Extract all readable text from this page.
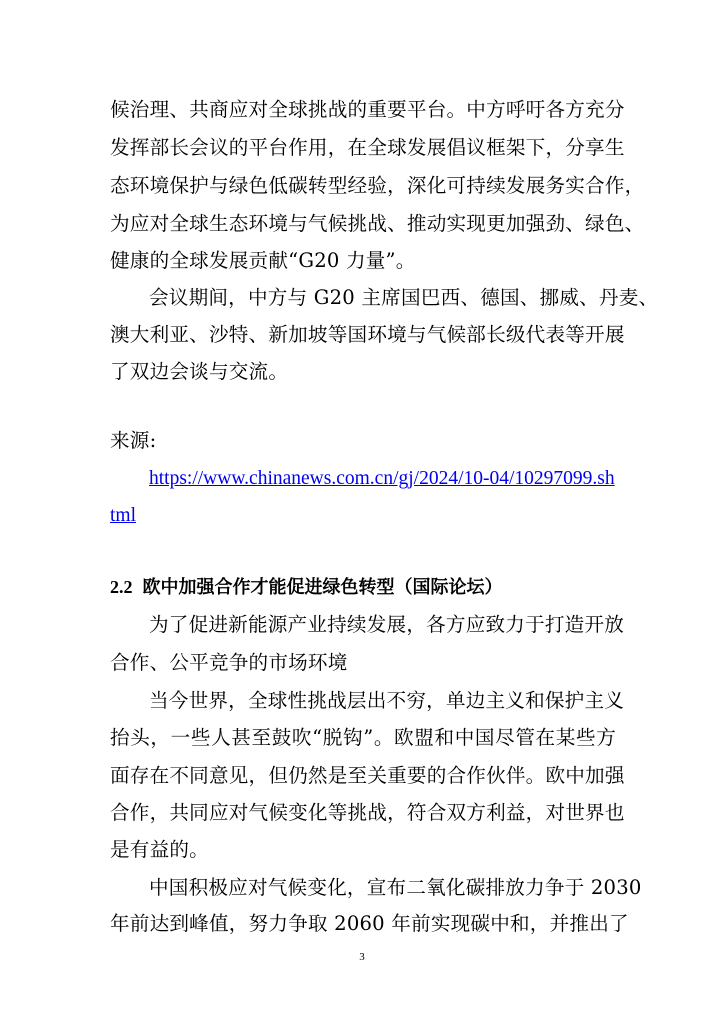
候治理、共商应对全球挑战的重要平台。中方呼吁各方充分
发挥部长会议的平台作用，在全球发展倡议框架下，分享生
态环境保护与绿色低碳转型经验，深化可持续发展务实合作，
为应对全球生态环境与气候挑战、推动实现更加强劲、绿色、
健康的全球发展贡献“G20 力量”。
会议期间，中方与 G20 主席国巴西、德国、挪威、丹麦、
澳大利亚、沙特、新加坡等国环境与气候部长级代表等开展
了双边会谈与交流。
来源:
https://www.chinanews.com.cn/gj/2024/10-04/10297099.sh
tml
2.2 欧中加强合作才能促进绿色转型（国际论坛）
为了促进新能源产业持续发展，各方应致力于打造开放
合作、公平竞争的市场环境
当今世界，全球性挑战层出不穷，单边主义和保护主义
抬头，一些人甚至鼓吹“脱钩”。欧盟和中国尽管在某些方
面存在不同意见，但仍然是至关重要的合作伙伴。欧中加强
合作，共同应对气候变化等挑战，符合双方利益，对世界也
是有益的。
中国积极应对气候变化，宣布二氧化碳排放力争于 2030
年前达到峰值，努力争取 2060 年前实现碳中和，并推出了
3
